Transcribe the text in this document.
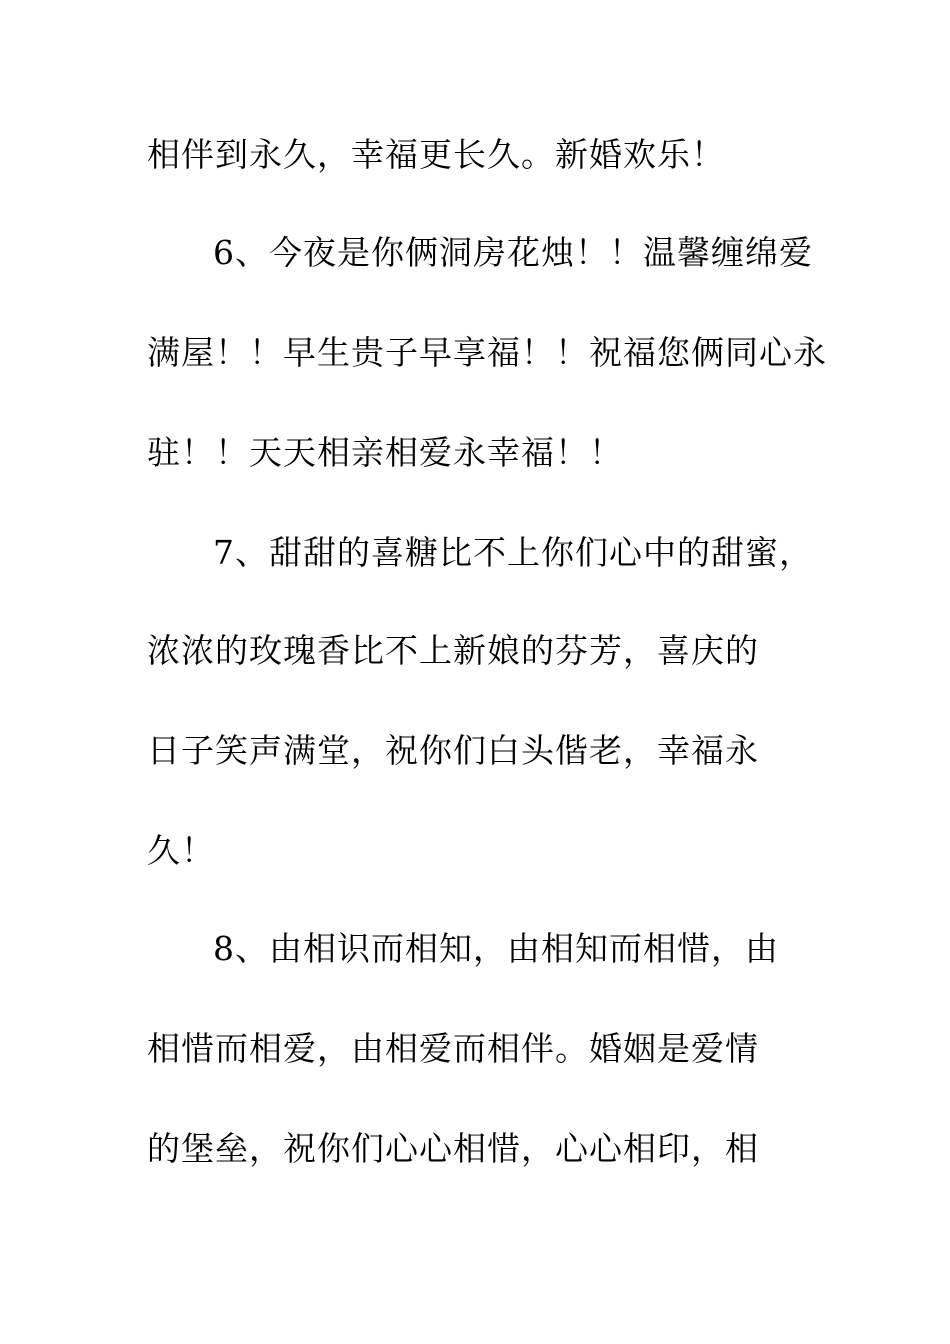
相伴到永久，幸福更长久。新婚欢乐！
6、今夜是你俩洞房花烛！！温馨缠绵爱
满屋！！早生贵子早享福！！祝福您俩同心永
驻！！天天相亲相爱永幸福！！
7、甜甜的喜糖比不上你们心中的甜蜜，
浓浓的玫瑰香比不上新娘的芬芳，喜庆的
日子笑声满堂，祝你们白头偕老，幸福永
久！
8、由相识而相知，由相知而相惜，由
相惜而相爱，由相爱而相伴。婚姻是爱情
的堡垒，祝你们心心相惜，心心相印，相
